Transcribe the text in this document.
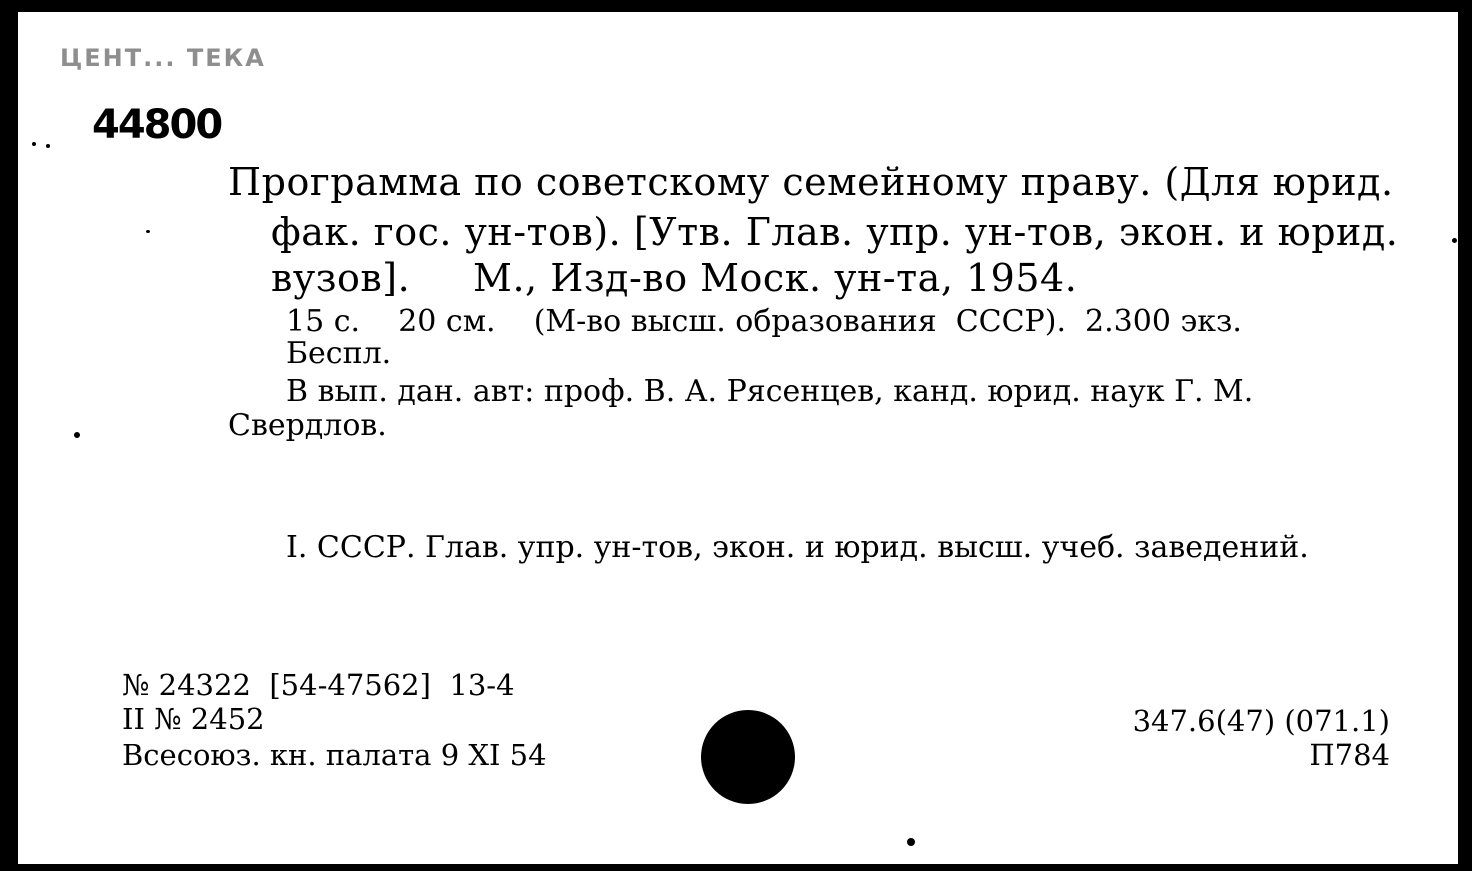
ЦЕНТ... ТЕКА
44800
Программа по советскому семейному праву. (Для юрид.
фак. гос. ун-тов). [Утв. Глав. упр. ун-тов, экон. и юрид.
вузов].     М., Изд-во Моск. ун-та, 1954.
15 с.    20 см.    (М-во высш. образования  СССР).  2.300 экз.
Беспл.
В вып. дан. авт: проф. В. А. Рясенцев, канд. юрид. наук Г. М.
Свердлов.
I. СССР. Глав. упр. ун-тов, экон. и юрид. высш. учеб. заведений.
№ 24322  [54-47562]  13-4
II № 2452
Всесоюз. кн. палата 9 XI 54
347.6(47) (071.1)
П784
